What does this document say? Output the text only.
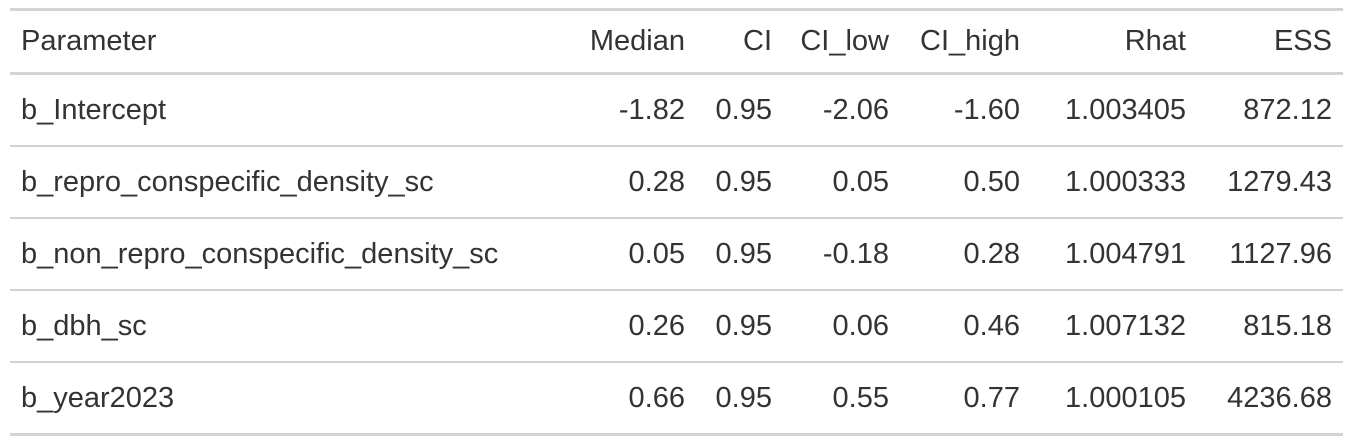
Parameter	Median	CI	CI_low	CI_high	Rhat	ESS
b_Intercept	-1.82	0.95	-2.06	-1.60	1.003405	872.12
b_repro_conspecific_density_sc	0.28	0.95	0.05	0.50	1.000333	1279.43
b_non_repro_conspecific_density_sc	0.05	0.95	-0.18	0.28	1.004791	1127.96
b_dbh_sc	0.26	0.95	0.06	0.46	1.007132	815.18
b_year2023	0.66	0.95	0.55	0.77	1.000105	4236.68
